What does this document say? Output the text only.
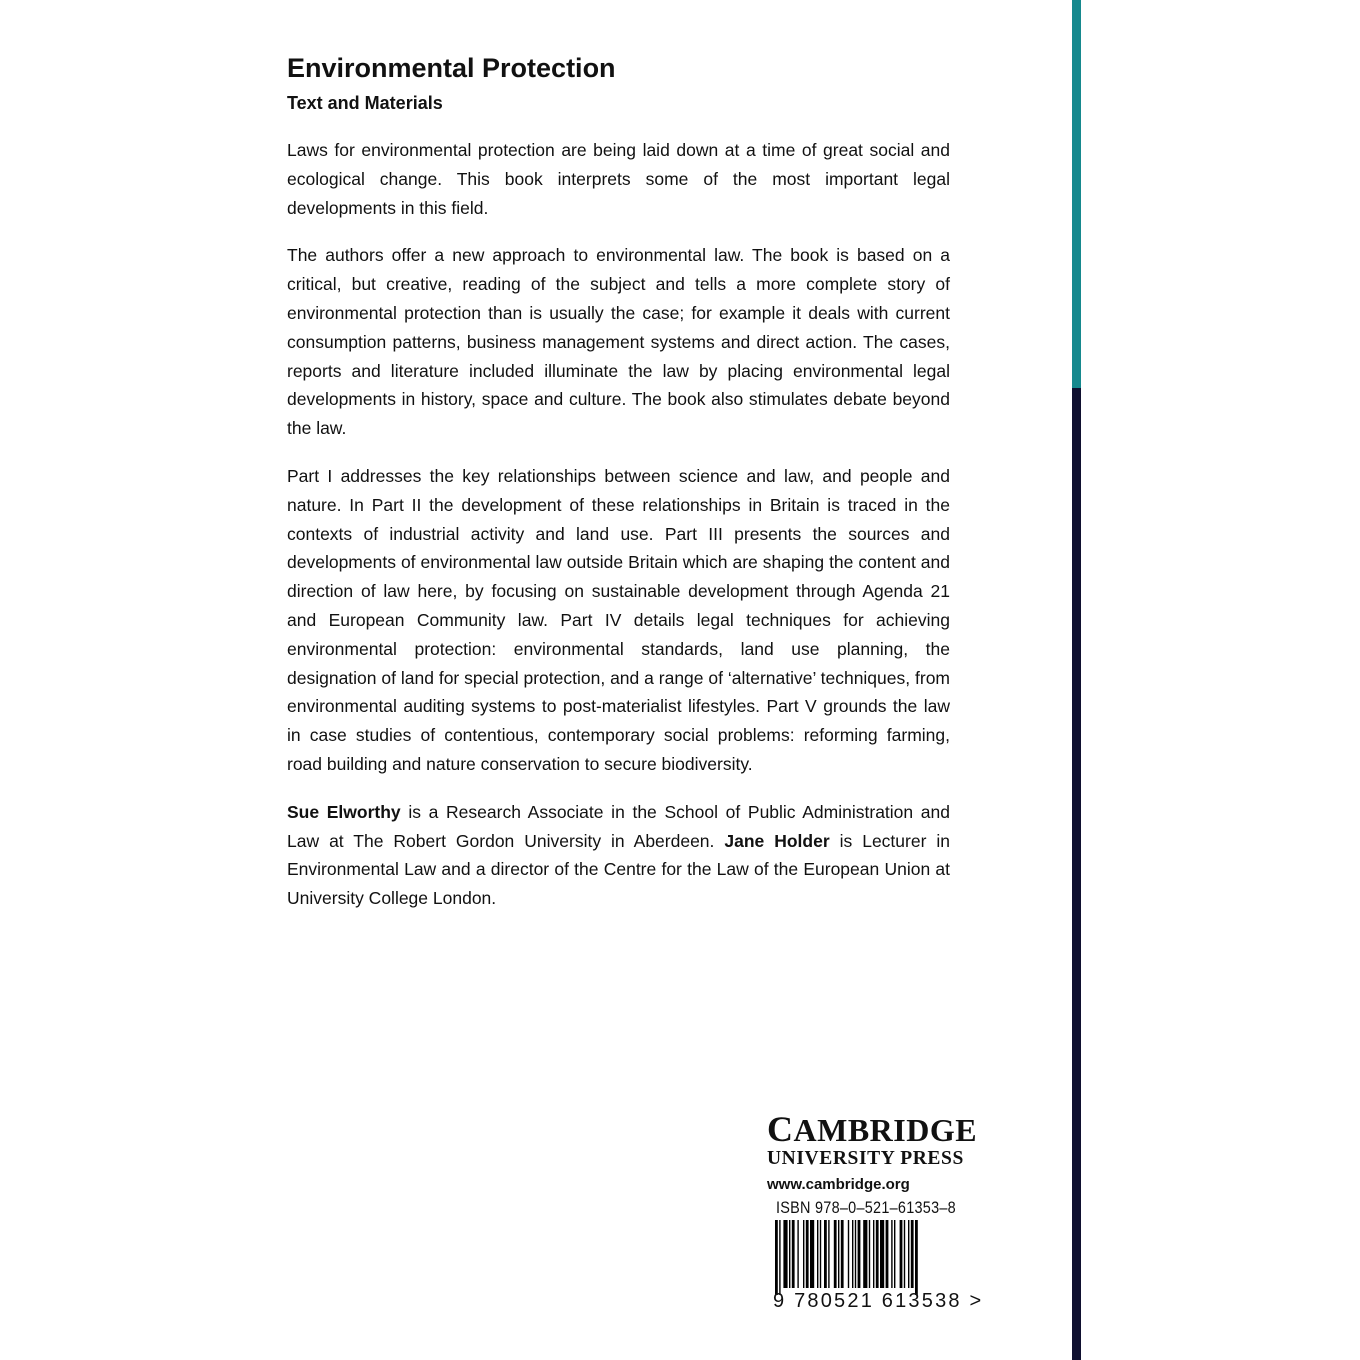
Environmental Protection
Text and Materials

Laws for environmental protection are being laid down at a time of great social and ecological change. This book interprets some of the most important legal developments in this field.

The authors offer a new approach to environmental law. The book is based on a critical, but creative, reading of the subject and tells a more complete story of environmental protection than is usually the case; for example it deals with current consumption patterns, business management systems and direct action. The cases, reports and literature included illuminate the law by placing environmental legal developments in history, space and culture. The book also stimulates debate beyond the law.

Part I addresses the key relationships between science and law, and people and nature. In Part II the development of these relationships in Britain is traced in the contexts of industrial activity and land use. Part III presents the sources and developments of environmental law outside Britain which are shaping the content and direction of law here, by focusing on sustainable development through Agenda 21 and European Community law. Part IV details legal techniques for achieving environmental protection: environmental standards, land use planning, the designation of land for special protection, and a range of ‘alternative’ techniques, from environmental auditing systems to post-materialist lifestyles. Part V grounds the law in case studies of contentious, contemporary social problems: reforming farming, road building and nature conservation to secure biodiversity.

Sue Elworthy is a Research Associate in the School of Public Administration and Law at The Robert Gordon University in Aberdeen. Jane Holder is Lecturer in Environmental Law and a director of the Centre for the Law of the European Union at University College London.

CAMBRIDGE
UNIVERSITY PRESS
www.cambridge.org
ISBN 978–0–521–61353–8
9 780521 613538 >
